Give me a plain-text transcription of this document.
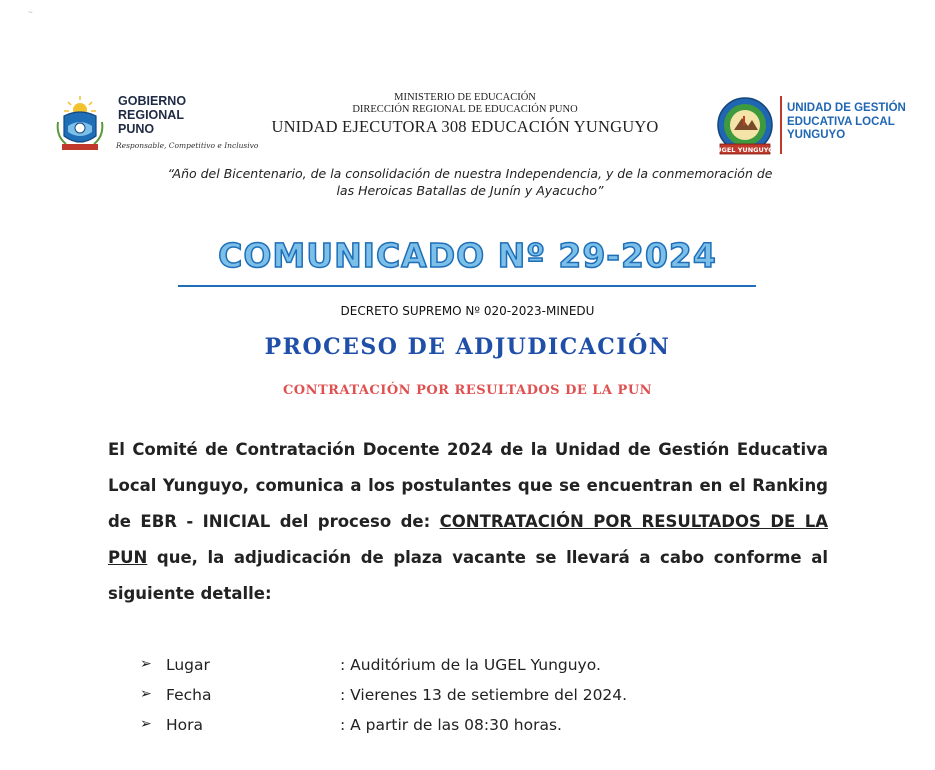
~
GOBIERNO
REGIONAL
PUNO
Responsable, Competitivo e Inclusivo
MINISTERIO DE EDUCACIÓN
DIRECCIÓN REGIONAL DE EDUCACIÓN PUNO
UNIDAD EJECUTORA 308 EDUCACIÓN YUNGUYO
UGEL YUNGUYO
UNIDAD DE GESTIÓN
EDUCATIVA LOCAL
YUNGUYO
“Año del Bicentenario, de la consolidación de nuestra Independencia, y de la conmemoración de
las Heroicas Batallas de Junín y Ayacucho”
COMUNICADO Nº 29-2024
DECRETO SUPREMO Nº 020-2023-MINEDU
PROCESO DE ADJUDICACIÓN
CONTRATACIÓN POR RESULTADOS DE LA PUN
El Comité de Contratación Docente 2024 de la Unidad de Gestión Educativa Local Yunguyo, comunica a los postulantes que se encuentran en el Ranking de EBR - INICIAL del proceso de: CONTRATACIÓN POR RESULTADOS DE LA PUN que, la adjudicación de plaza vacante se llevará a cabo conforme al siguiente detalle:
➢ Lugar	: Auditórium de la UGEL Yunguyo.
➢ Fecha	: Vierenes 13 de setiembre del 2024.
➢ Hora	: A partir de las 08:30 horas.
